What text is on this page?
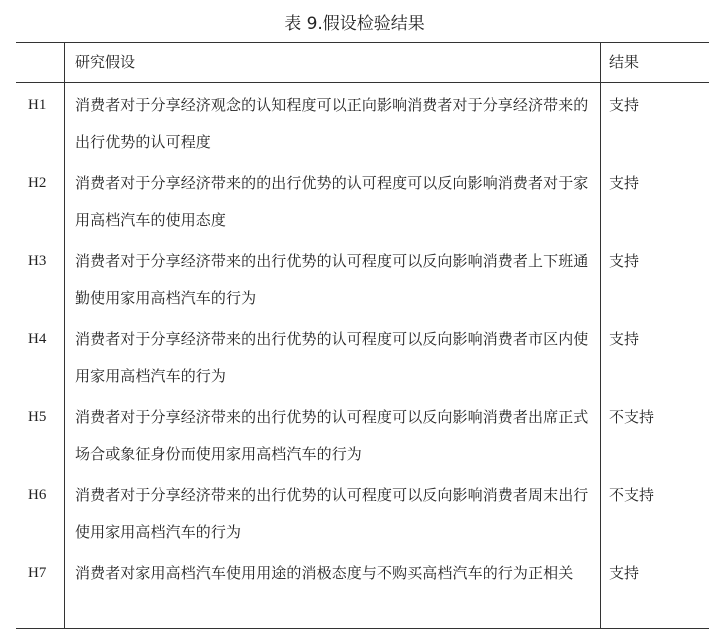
表 9.假设检验结果
	研究假设	结果
H1	消费者对于分享经济观念的认知程度可以正向影响消费者对于分享经济带来的出行优势的认可程度	支持
H2	消费者对于分享经济带来的的出行优势的认可程度可以反向影响消费者对于家用高档汽车的使用态度	支持
H3	消费者对于分享经济带来的出行优势的认可程度可以反向影响消费者上下班通勤使用家用高档汽车的行为	支持
H4	消费者对于分享经济带来的出行优势的认可程度可以反向影响消费者市区内使用家用高档汽车的行为	支持
H5	消费者对于分享经济带来的出行优势的认可程度可以反向影响消费者出席正式场合或象征身份而使用家用高档汽车的行为	不支持
H6	消费者对于分享经济带来的出行优势的认可程度可以反向影响消费者周末出行使用家用高档汽车的行为	不支持
H7	消费者对家用高档汽车使用用途的消极态度与不购买高档汽车的行为正相关	支持
